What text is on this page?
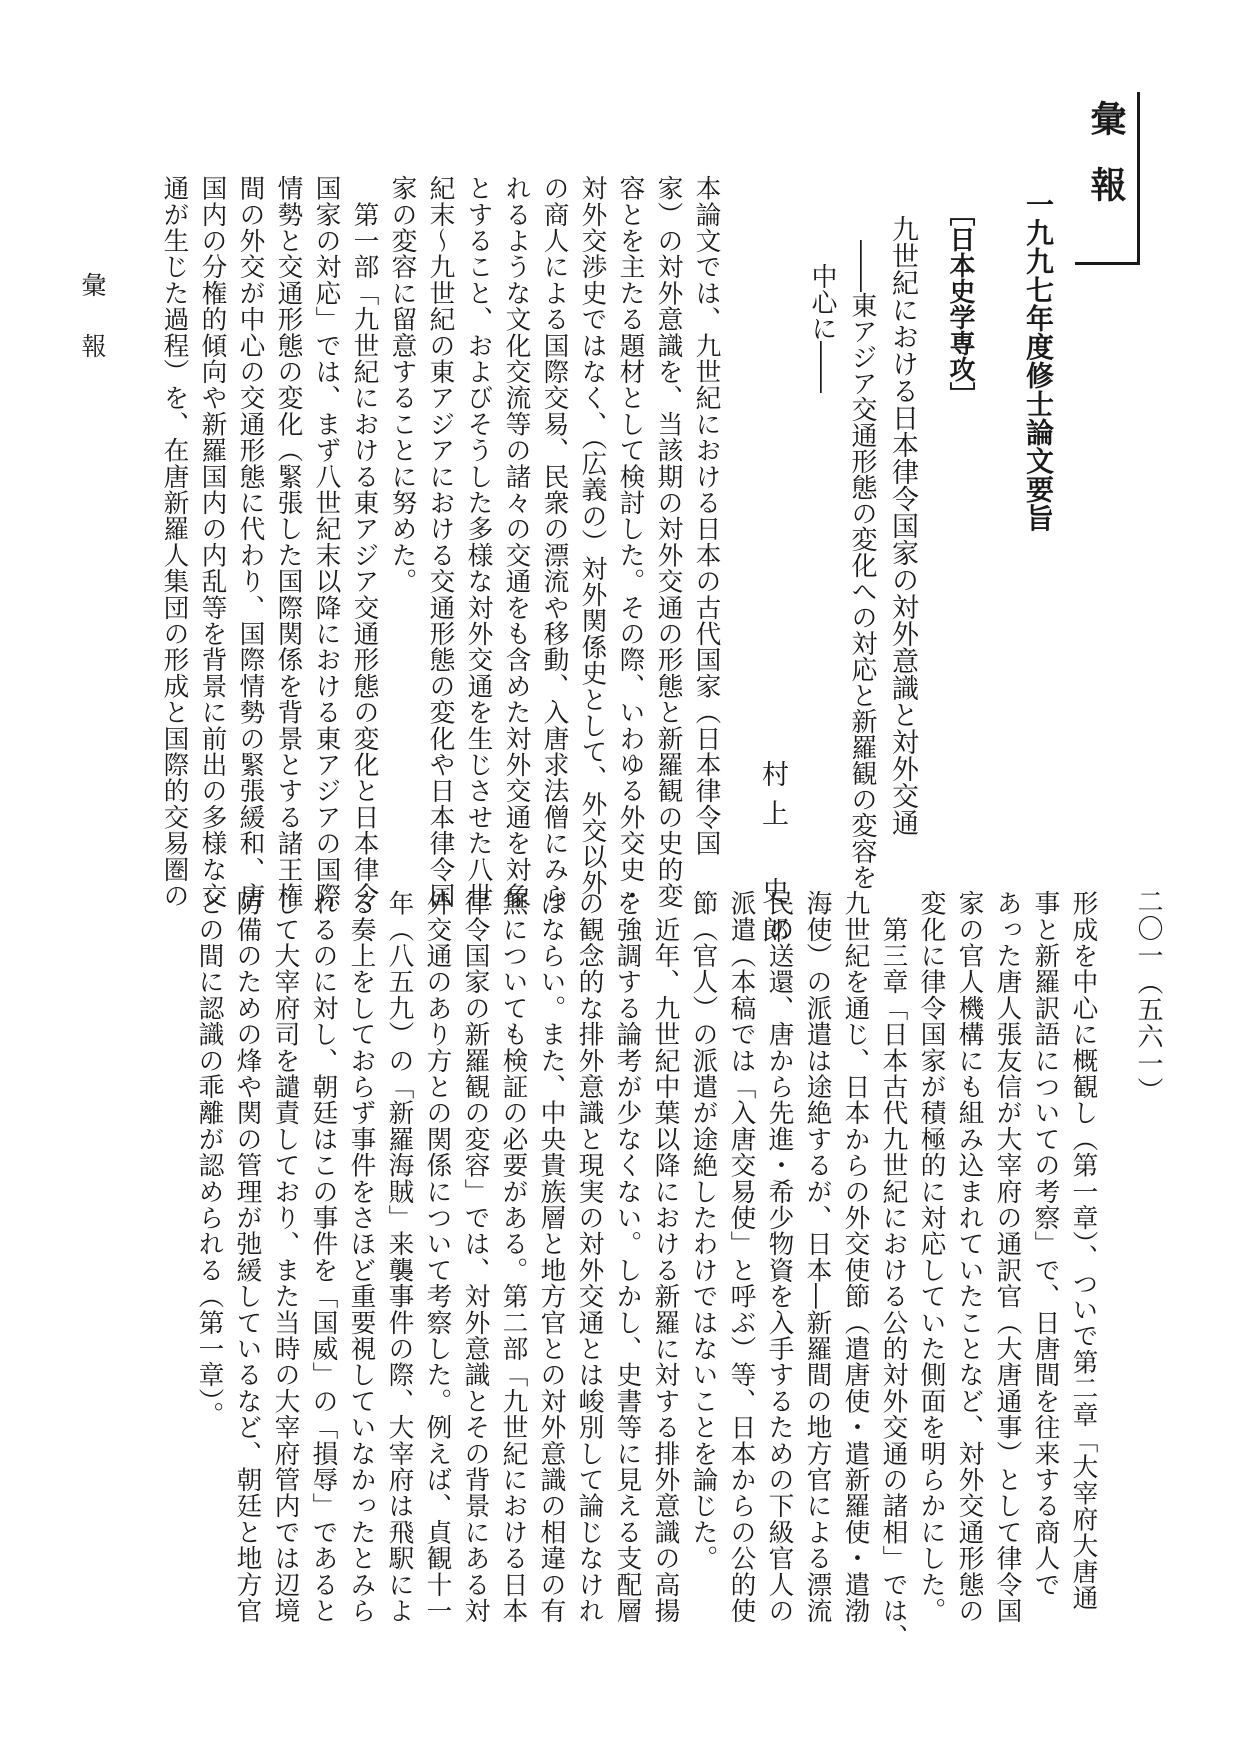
彙報
一九九七年度修士論文要旨
［日本史学専攻］
九世紀における日本律令国家の対外意識と対外交通
――東アジア交通形態の変化への対応と新羅観の変容を
中心に――
村上　史郎
本論文では、九世紀における日本の古代国家（日本律令国
家）の対外意識を、当該期の対外交通の形態と新羅観の史的変
容とを主たる題材として検討した。その際、いわゆる外交史・
対外交渉史ではなく、（広義の）対外関係史として、外交以外
の商人による国際交易、民衆の漂流や移動、入唐求法僧にみら
れるような文化交流等の諸々の交通をも含めた対外交通を対象
とすること、およびそうした多様な対外交通を生じさせた八世
紀末～九世紀の東アジアにおける交通形態の変化や日本律令国
家の変容に留意することに努めた。
　第一部「九世紀における東アジア交通形態の変化と日本律令
国家の対応」では、まず八世紀末以降における東アジアの国際
情勢と交通形態の変化（緊張した国際関係を背景とする諸王権
間の外交が中心の交通形態に代わり、国際情勢の緊張緩和、唐
国内の分権的傾向や新羅国内の内乱等を背景に前出の多様な交
通が生じた過程）を、在唐新羅人集団の形成と国際的交易圏の
形成を中心に概観し（第一章）、ついで第二章「大宰府大唐通
事と新羅訳語についての考察」で、日唐間を往来する商人で
あった唐人張友信が大宰府の通訳官（大唐通事）として律令国
家の官人機構にも組み込まれていたことなど、対外交通形態の
変化に律令国家が積極的に対応していた側面を明らかにした。
　第三章「日本古代九世紀における公的対外交通の諸相」では、
九世紀を通じ、日本からの外交使節（遣唐使・遣新羅使・遣渤
海使）の派遣は途絶するが、日本―新羅間の地方官による漂流
民の送還、唐から先進・希少物資を入手するための下級官人の
派遣（本稿では「入唐交易使」と呼ぶ）等、日本からの公的使
節（官人）の派遣が途絶したわけではないことを論じた。
　近年、九世紀中葉以降における新羅に対する排外意識の高揚
を強調する論考が少なくない。しかし、史書等に見える支配層
の観念的な排外意識と現実の対外交通とは峻別して論じなけれ
ばならい。また、中央貴族層と地方官との対外意識の相違の有
無についても検証の必要がある。第二部「九世紀における日本
律令国家の新羅観の変容」では、対外意識とその背景にある対
外交通のあり方との関係について考察した。例えば、貞観十一
年（八五九）の「新羅海賊」来襲事件の際、大宰府は飛駅によ
る奏上をしておらず事件をさほど重要視していなかったとみら
れるのに対し、朝廷はこの事件を「国威」の「損辱」であると
して大宰府司を譴責しており、また当時の大宰府管内では辺境
防備のための烽や関の管理が弛緩しているなど、朝廷と地方官
との間に認識の乖離が認められる（第一章）。
彙報
二〇一（五六一）
